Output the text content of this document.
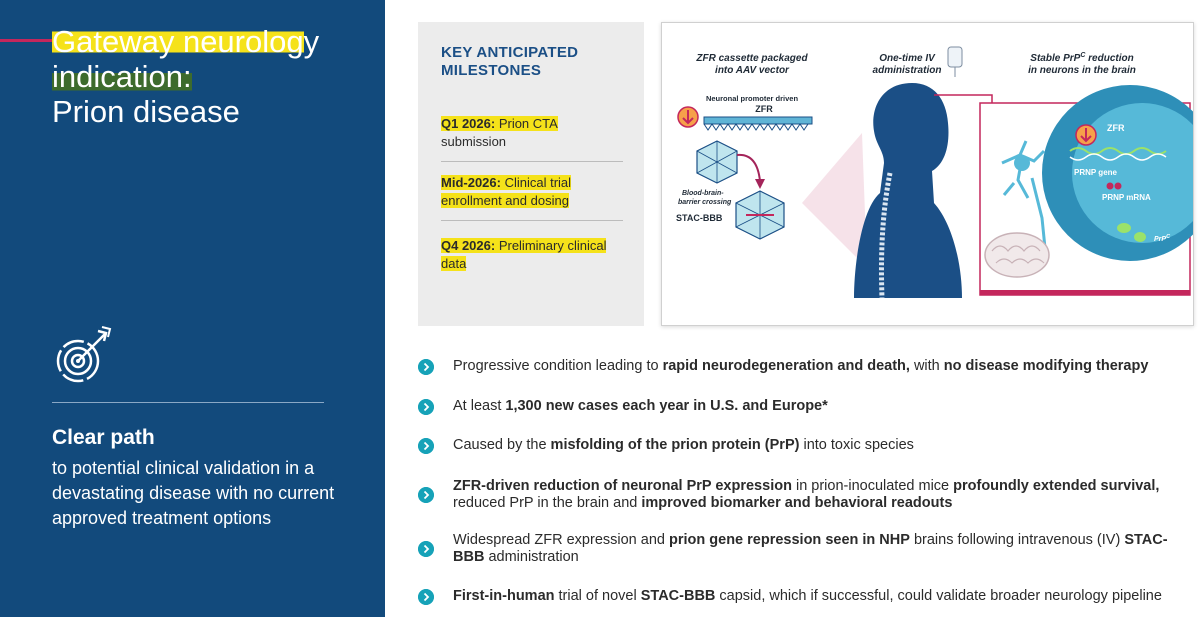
Gateway neurology
indication:
Prion disease
Clear path
to potential clinical validation in a devastating disease with no current approved treatment options
KEY ANTICIPATED
MILESTONES
Q1 2026: Prion CTA
submission
Mid-2026: Clinical trial
enrollment and dosing
Q4 2026: Preliminary clinical
data
ZFR cassette packaged
into AAV vector
One-time IV
administration
Stable PrP$^C$ reduction
in neurons in the brain
Neuronal promoter driven
ZFR
Blood-brain-
barrier crossing
STAC-BBB
ZFR
PRNP gene
PRNP mRNA
PrP$^C$
Progressive condition leading to rapid neurodegeneration and death, with no disease modifying therapy
At least 1,300 new cases each year in U.S. and Europe*
Caused by the misfolding of the prion protein (PrP) into toxic species
ZFR-driven reduction of neuronal PrP expression in prion-inoculated mice profoundly extended survival, reduced PrP in the brain and improved biomarker and behavioral readouts
Widespread ZFR expression and prion gene repression seen in NHP brains following intravenous (IV) STAC-BBB administration
First-in-human trial of novel STAC-BBB capsid, which if successful, could validate broader neurology pipeline
